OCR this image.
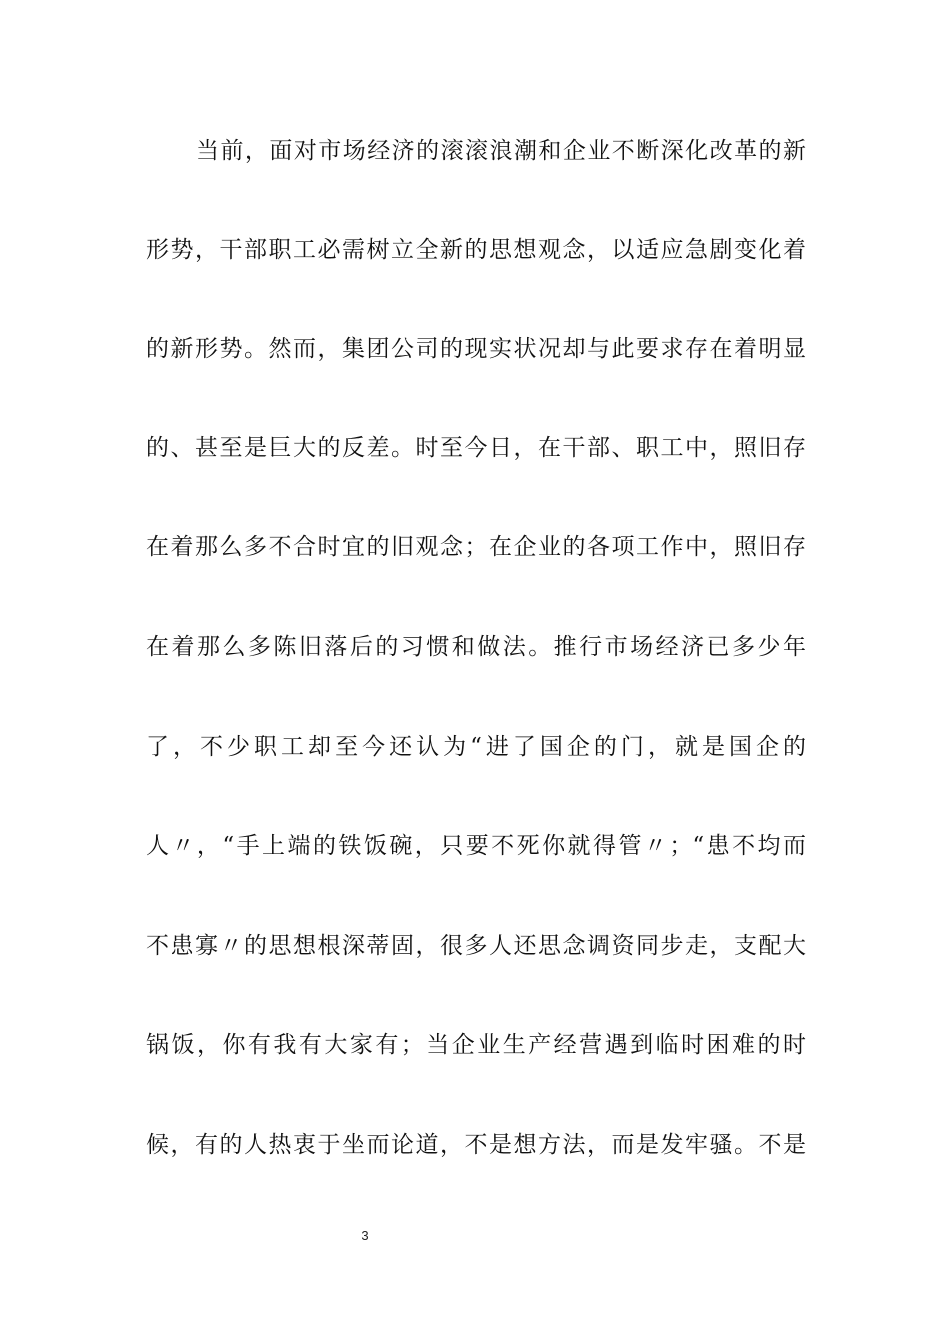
当前，面对市场经济的滚滚浪潮和企业不断深化改革的新
形势，干部职工必需树立全新的思想观念，以适应急剧变化着
的新形势。然而，集团公司的现实状况却与此要求存在着明显
的、甚至是巨大的反差。时至今日，在干部、职工中，照旧存
在着那么多不合时宜的旧观念；在企业的各项工作中，照旧存
在着那么多陈旧落后的习惯和做法。推行市场经济已多少年
了，不少职工却至今还认为“进了国企的门，就是国企的
人〃，“手上端的铁饭碗，只要不死你就得管〃；“患不均而
不患寡〃的思想根深蒂固，很多人还思念调资同步走，支配大
锅饭，你有我有大家有；当企业生产经营遇到临时困难的时
候，有的人热衷于坐而论道，不是想方法，而是发牢骚。不是
3
